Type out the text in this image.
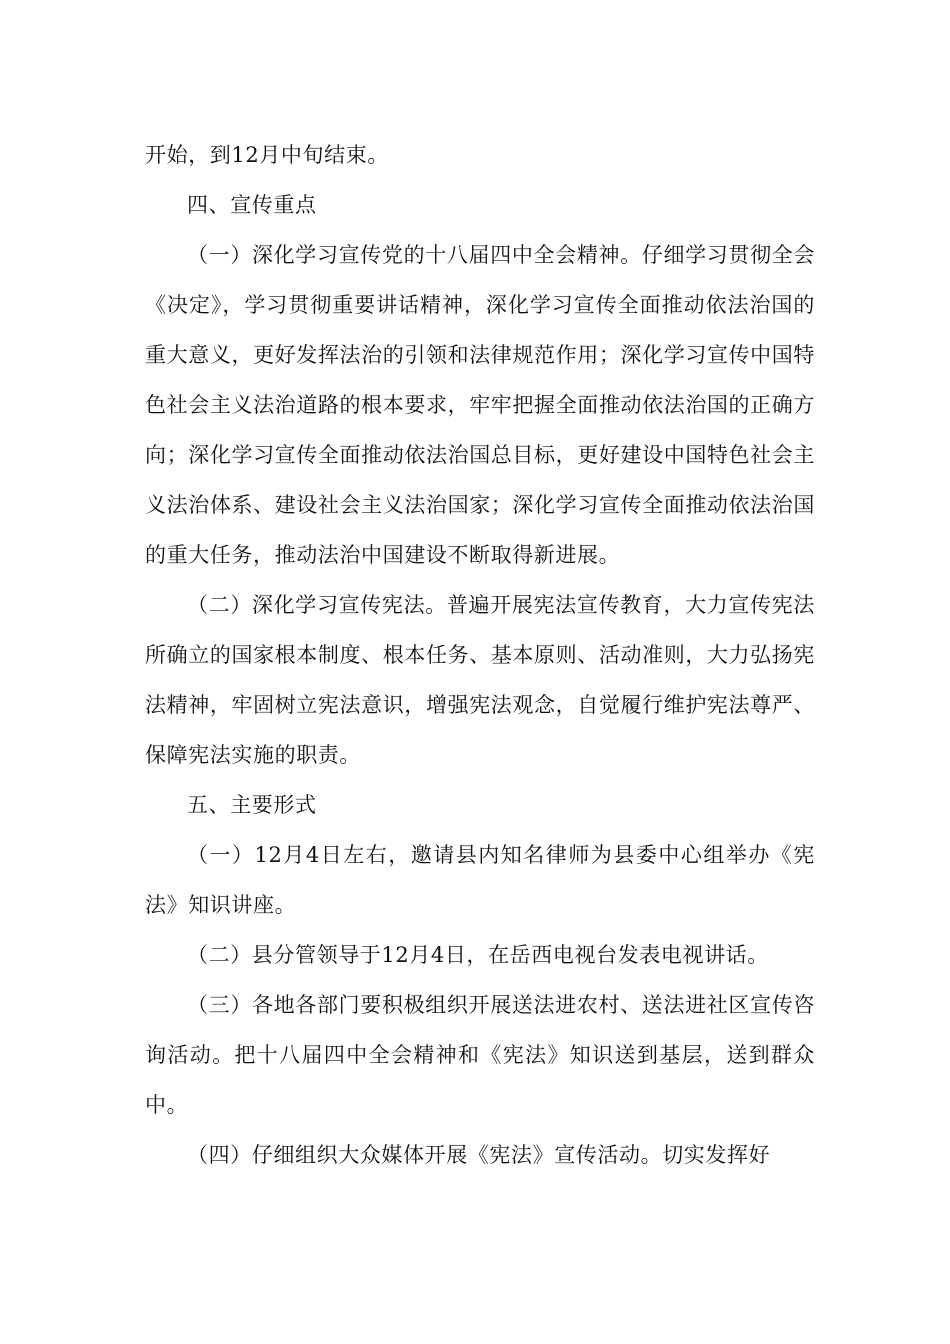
开始，到12月中旬结束。

四、宣传重点

（一）深化学习宣传党的十八届四中全会精神。仔细学习贯彻全会《决定》，学习贯彻重要讲话精神，深化学习宣传全面推动依法治国的重大意义，更好发挥法治的引领和法律规范作用；深化学习宣传中国特色社会主义法治道路的根本要求，牢牢把握全面推动依法治国的正确方向；深化学习宣传全面推动依法治国总目标，更好建设中国特色社会主义法治体系、建设社会主义法治国家；深化学习宣传全面推动依法治国的重大任务，推动法治中国建设不断取得新进展。

（二）深化学习宣传宪法。普遍开展宪法宣传教育，大力宣传宪法所确立的国家根本制度、根本任务、基本原则、活动准则，大力弘扬宪法精神，牢固树立宪法意识，增强宪法观念，自觉履行维护宪法尊严、保障宪法实施的职责。

五、主要形式

（一）12月4日左右，邀请县内知名律师为县委中心组举办《宪法》知识讲座。

（二）县分管领导于12月4日，在岳西电视台发表电视讲话。

（三）各地各部门要积极组织开展送法进农村、送法进社区宣传咨询活动。把十八届四中全会精神和《宪法》知识送到基层，送到群众中。

（四）仔细组织大众媒体开展《宪法》宣传活动。切实发挥好
